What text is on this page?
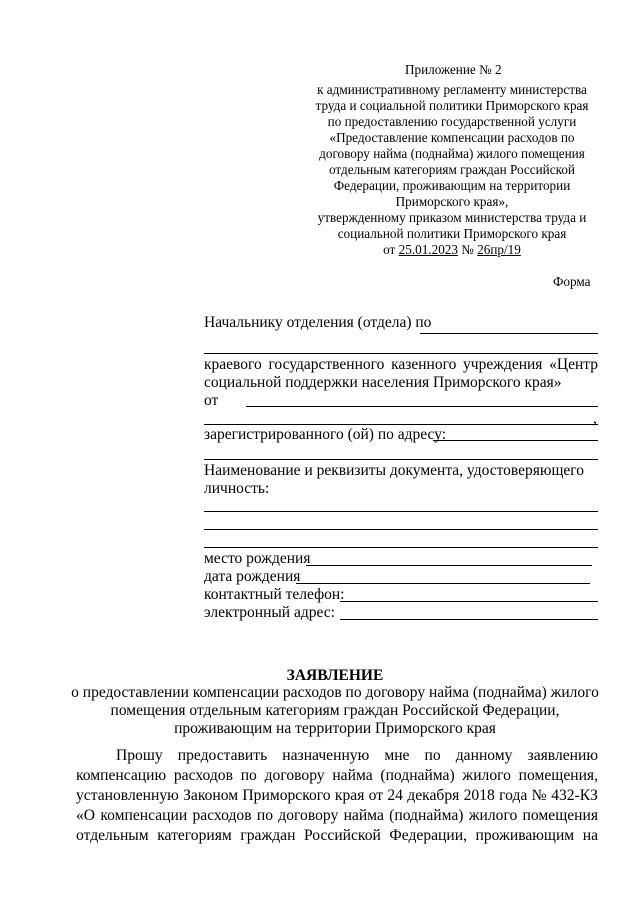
Приложение № 2
к административному регламенту министерства
труда и социальной политики Приморского края
по предоставлению государственной услуги
«Предоставление компенсации расходов по
договору найма (поднайма) жилого помещения
отдельным категориям граждан Российской
Федерации, проживающим на территории
Приморского края»,
утвержденному приказом министерства труда и
социальной политики Приморского края
от 25.01.2023 № 26пр/19
Форма
Начальнику отделения (отдела) по
краевого государственного казенного учреждения «Центр
социальной поддержки населения Приморского края»
от
,
зарегистрированного (ой) по адресу:
Наименование и реквизиты документа, удостоверяющего
личность:
место рождения
дата рождения
контактный телефон:
электронный адрес:
ЗАЯВЛЕНИЕ
о предоставлении компенсации расходов по договору найма (поднайма) жилого
помещения отдельным категориям граждан Российской Федерации,
проживающим на территории Приморского края
Прошу предоставить назначенную мне по данному заявлению
компенсацию расходов по договору найма (поднайма) жилого помещения,
установленную Законом Приморского края от 24 декабря 2018 года № 432-КЗ
«О компенсации расходов по договору найма (поднайма) жилого помещения
отдельным категориям граждан Российской Федерации, проживающим на
